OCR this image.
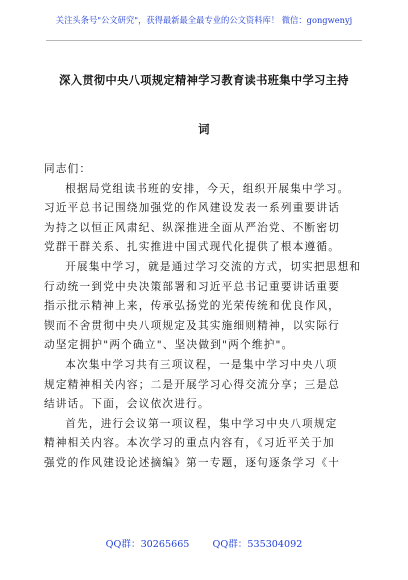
关注头条号"公文研究"，获得最新最全最专业的公文资料库！ 微信：gongwenyj
深入贯彻中央八项规定精神学习教育读书班集中学习主持
词

同志们：

根据局党组读书班的安排，今天，组织开展集中学习。

习近平总书记围绕加强党的作风建设发表一系列重要讲话

为持之以恒正风肃纪、纵深推进全面从严治党、不断密切

党群干群关系、扎实推进中国式现代化提供了根本遵循。

开展集中学习，就是通过学习交流的方式，切实把思想和

行动统一到党中央决策部署和习近平总书记重要讲话重要

指示批示精神上来，传承弘扬党的光荣传统和优良作风，

锲而不舍贯彻中央八项规定及其实施细则精神，以实际行

动坚定拥护"两个确立"、坚决做到"两个维护"。

本次集中学习共有三项议程，一是集中学习中央八项

规定精神相关内容；二是开展学习心得交流分享；三是总

结讲话。下面，会议依次进行。

首先，进行会议第一项议程，集中学习中央八项规定

精神相关内容。本次学习的重点内容有，《习近平关于加

强党的作风建设论述摘编》第一专题，逐句逐条学习《十

QQ群：30265665 QQ群：535304092
